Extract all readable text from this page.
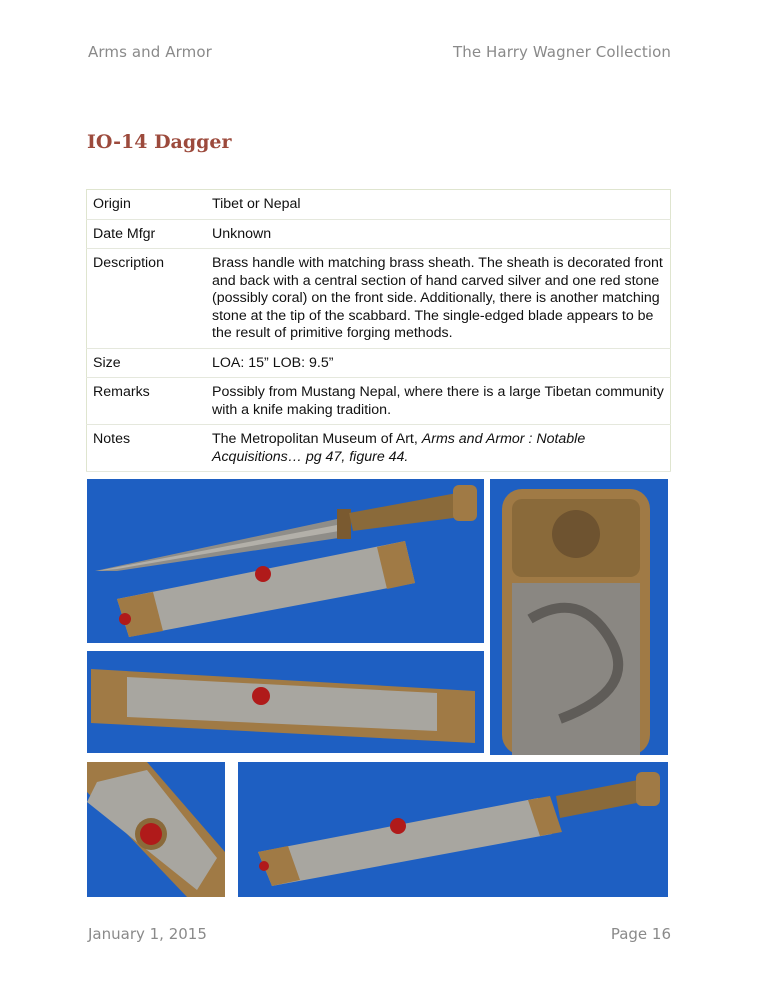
Arms and Armor	The Harry Wagner Collection
IO-14 Dagger
Origin	Tibet or Nepal
Date Mfgr	Unknown
Description	Brass handle with matching brass sheath. The sheath is decorated front and back with a central section of hand carved silver and one red stone (possibly coral) on the front side. Additionally, there is another matching stone at the tip of the scabbard. The single-edged blade appears to be the result of primitive forging methods.
Size	LOA: 15” LOB: 9.5”
Remarks	Possibly from Mustang Nepal, where there is a large Tibetan community with a knife making tradition.
Notes	The Metropolitan Museum of Art, Arms and Armor : Notable Acquisitions… pg 47, figure 44.
January 1, 2015	Page 16
